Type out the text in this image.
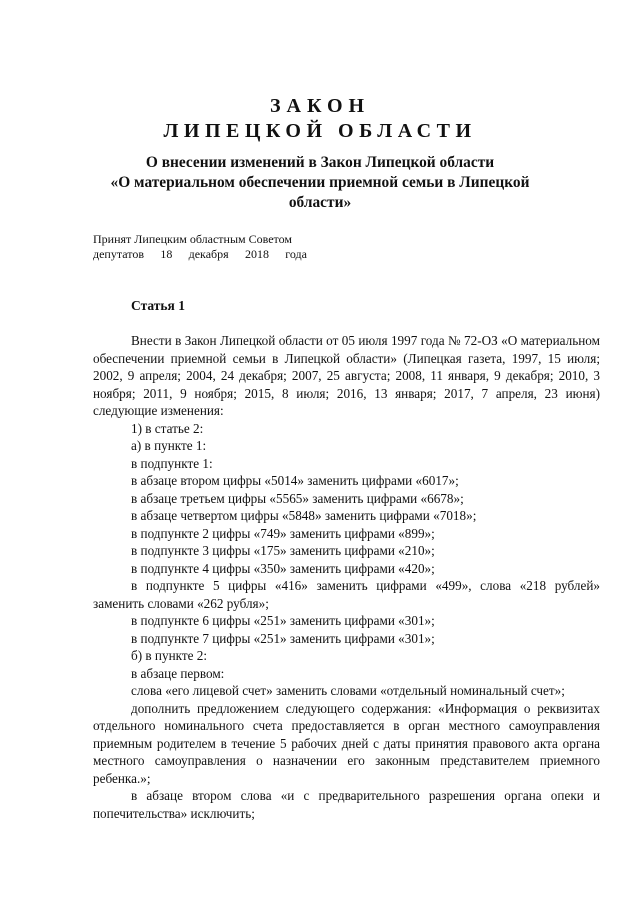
ЗАКОН
ЛИПЕЦКОЙ ОБЛАСТИ
О внесении изменений в Закон Липецкой области
«О материальном обеспечении приемной семьи в Липецкой
области»
Принят Липецким областным Советом
депутатов 18 декабря 2018 года
Статья 1

Внести в Закон Липецкой области от 05 июля 1997 года № 72-ОЗ «О материальном обеспечении приемной семьи в Липецкой области» (Липецкая газета, 1997, 15 июля; 2002, 9 апреля; 2004, 24 декабря; 2007, 25 августа; 2008, 11 января, 9 декабря; 2010, 3 ноября; 2011, 9 ноября; 2015, 8 июля; 2016, 13 января; 2017, 7 апреля, 23 июня) следующие изменения:

1) в статье 2:

а) в пункте 1:

в подпункте 1:

в абзаце втором цифры «5014» заменить цифрами «6017»;

в абзаце третьем цифры «5565» заменить цифрами «6678»;

в абзаце четвертом цифры «5848» заменить цифрами «7018»;

в подпункте 2 цифры «749» заменить цифрами «899»;

в подпункте 3 цифры «175» заменить цифрами «210»;

в подпункте 4 цифры «350» заменить цифрами «420»;

в подпункте 5 цифры «416» заменить цифрами «499», слова «218 рублей» заменить словами «262 рубля»;

в подпункте 6 цифры «251» заменить цифрами «301»;

в подпункте 7 цифры «251» заменить цифрами «301»;

б) в пункте 2:

в абзаце первом:

слова «его лицевой счет» заменить словами «отдельный номинальный счет»;

дополнить предложением следующего содержания: «Информация о реквизитах отдельного номинального счета предоставляется в орган местного самоуправления приемным родителем в течение 5 рабочих дней с даты принятия правового акта органа местного самоуправления о назначении его законным представителем приемного ребенка.»;

в абзаце втором слова «и с предварительного разрешения органа опеки и попечительства» исключить;
